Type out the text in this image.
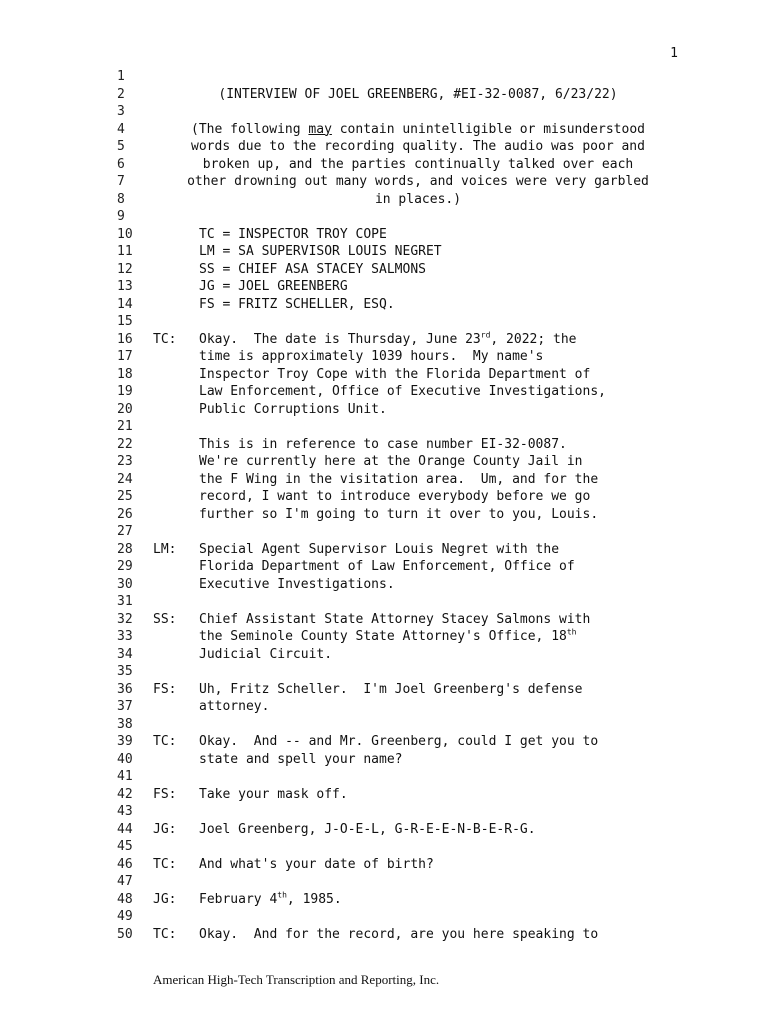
1
1
2	(INTERVIEW OF JOEL GREENBERG, #EI-32-0087, 6/23/22)
3
4	(The following may contain unintelligible or misunderstood
5	words due to the recording quality. The audio was poor and
6	broken up, and the parties continually talked over each
7	other drowning out many words, and voices were very garbled
8	in places.)
9
10	TC = INSPECTOR TROY COPE
11	LM = SA SUPERVISOR LOUIS NEGRET
12	SS = CHIEF ASA STACEY SALMONS
13	JG = JOEL GREENBERG
14	FS = FRITZ SCHELLER, ESQ.
15
16	TC: Okay.  The date is Thursday, June 23rd, 2022; the
17	time is approximately 1039 hours.  My name's
18	Inspector Troy Cope with the Florida Department of
19	Law Enforcement, Office of Executive Investigations,
20	Public Corruptions Unit.
21
22	This is in reference to case number EI-32-0087.
23	We're currently here at the Orange County Jail in
24	the F Wing in the visitation area.  Um, and for the
25	record, I want to introduce everybody before we go
26	further so I'm going to turn it over to you, Louis.
27
28	LM: Special Agent Supervisor Louis Negret with the
29	Florida Department of Law Enforcement, Office of
30	Executive Investigations.
31
32	SS: Chief Assistant State Attorney Stacey Salmons with
33	the Seminole County State Attorney's Office, 18th
34	Judicial Circuit.
35
36	FS: Uh, Fritz Scheller.  I'm Joel Greenberg's defense
37	attorney.
38
39	TC: Okay.  And -- and Mr. Greenberg, could I get you to
40	state and spell your name?
41
42	FS: Take your mask off.
43
44	JG: Joel Greenberg, J-O-E-L, G-R-E-E-N-B-E-R-G.
45
46	TC: And what's your date of birth?
47
48	JG: February 4th, 1985.
49
50	TC: Okay.  And for the record, are you here speaking to
American High-Tech Transcription and Reporting, Inc.
